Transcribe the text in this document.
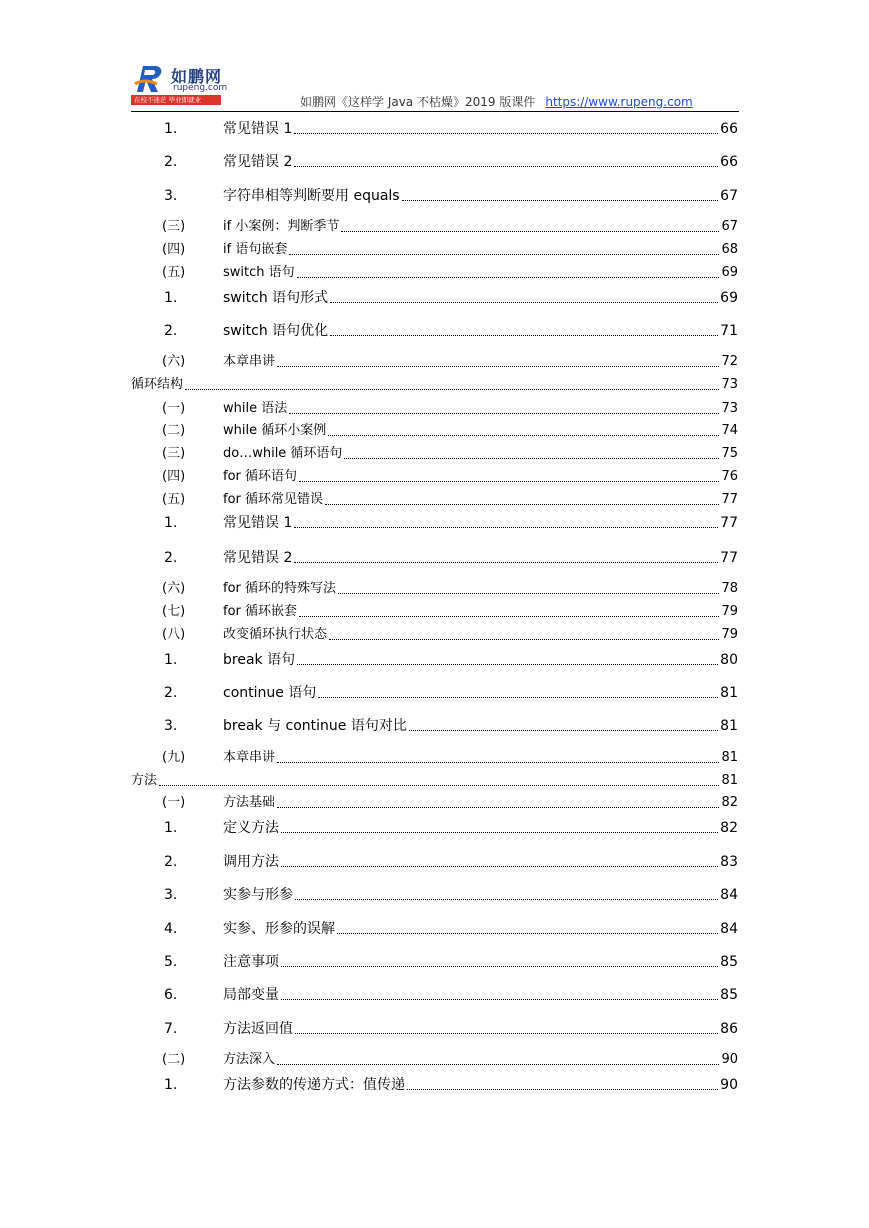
如鹏网
rupeng.com
在校不迷茫 毕业即就业	如鹏网《这样学 Java 不枯燥》2019 版课件 https://www.rupeng.com
1.	常见错误 1	66
2.	常见错误 2	66
3.	字符串相等判断要用 equals	67
(三)	if 小案例：判断季节	67
(四)	if 语句嵌套	68
(五)	switch 语句	69
1.	switch 语句形式	69
2.	switch 语句优化	71
(六)	本章串讲	72
循环结构	73
(一)	while 语法	73
(二)	while 循环小案例	74
(三)	do…while 循环语句	75
(四)	for 循环语句	76
(五)	for 循环常见错误	77
1.	常见错误 1	77
2.	常见错误 2	77
(六)	for 循环的特殊写法	78
(七)	for 循环嵌套	79
(八)	改变循环执行状态	79
1.	break 语句	80
2.	continue 语句	81
3.	break 与 continue 语句对比	81
(九)	本章串讲	81
方法	81
(一)	方法基础	82
1.	定义方法	82
2.	调用方法	83
3.	实参与形参	84
4.	实参、形参的误解	84
5.	注意事项	85
6.	局部变量	85
7.	方法返回值	86
(二)	方法深入	90
1.	方法参数的传递方式：值传递	90
